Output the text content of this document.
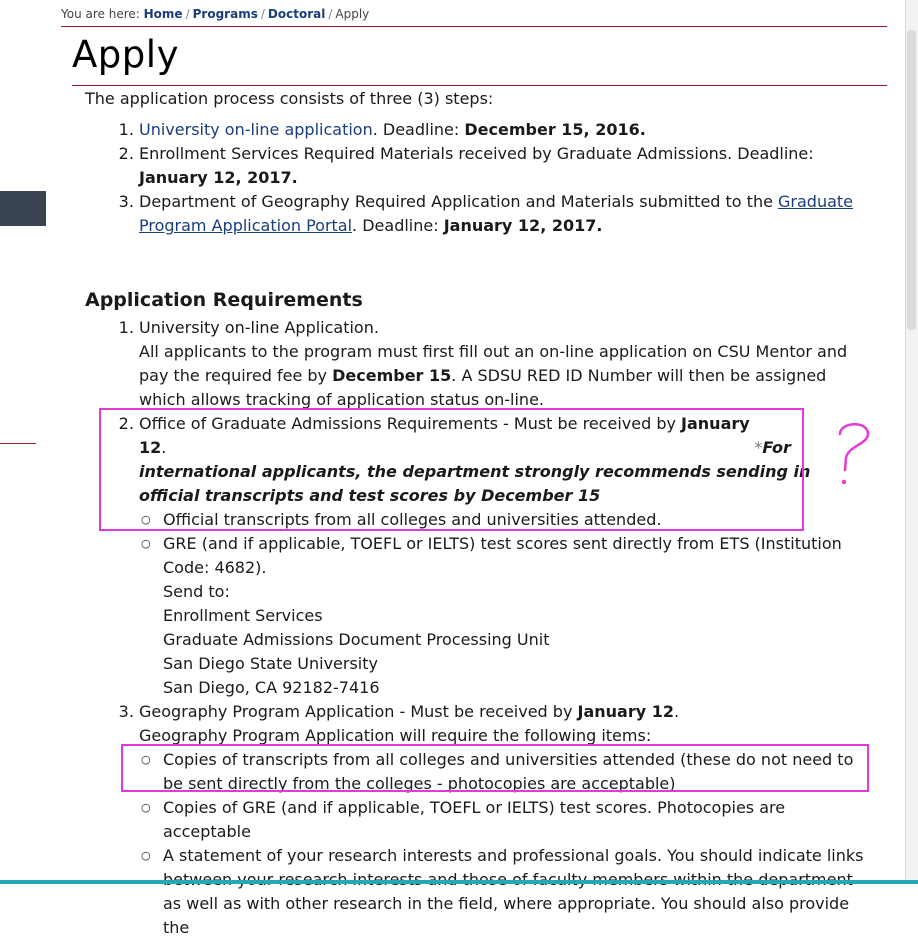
You are here: Home / Programs / Doctoral / Apply
Apply

The application process consists of three (3) steps:

1. University on-line application. Deadline: December 15, 2016.
2. Enrollment Services Required Materials received by Graduate Admissions. Deadline: January 12, 2017.
3. Department of Geography Required Application and Materials submitted to the Graduate Program Application Portal. Deadline: January 12, 2017.
Application Requirements
1. University on-line Application.
All applicants to the program must first fill out an on-line application on CSU Mentor and pay the required fee by December 15. A SDSU RED ID Number will then be assigned which allows tracking of application status on-line.
2. Office of Graduate Admissions Requirements - Must be received by January
12.	*For international applicants, the department strongly recommends sending in official transcripts and test scores by December 15
○ Official transcripts from all colleges and universities attended.
○ GRE (and if applicable, TOEFL or IELTS) test scores sent directly from ETS (Institution Code: 4682).
Send to:
Enrollment Services
Graduate Admissions Document Processing Unit
San Diego State University
San Diego, CA 92182-7416
3. Geography Program Application - Must be received by January 12.
Geography Program Application will require the following items:
○ Copies of transcripts from all colleges and universities attended (these do not need to be sent directly from the colleges - photocopies are acceptable)
○ Copies of GRE (and if applicable, TOEFL or IELTS) test scores. Photocopies are acceptable
○ A statement of your research interests and professional goals. You should indicate links as well as with other research in the field, where appropriate. You should also provide the
